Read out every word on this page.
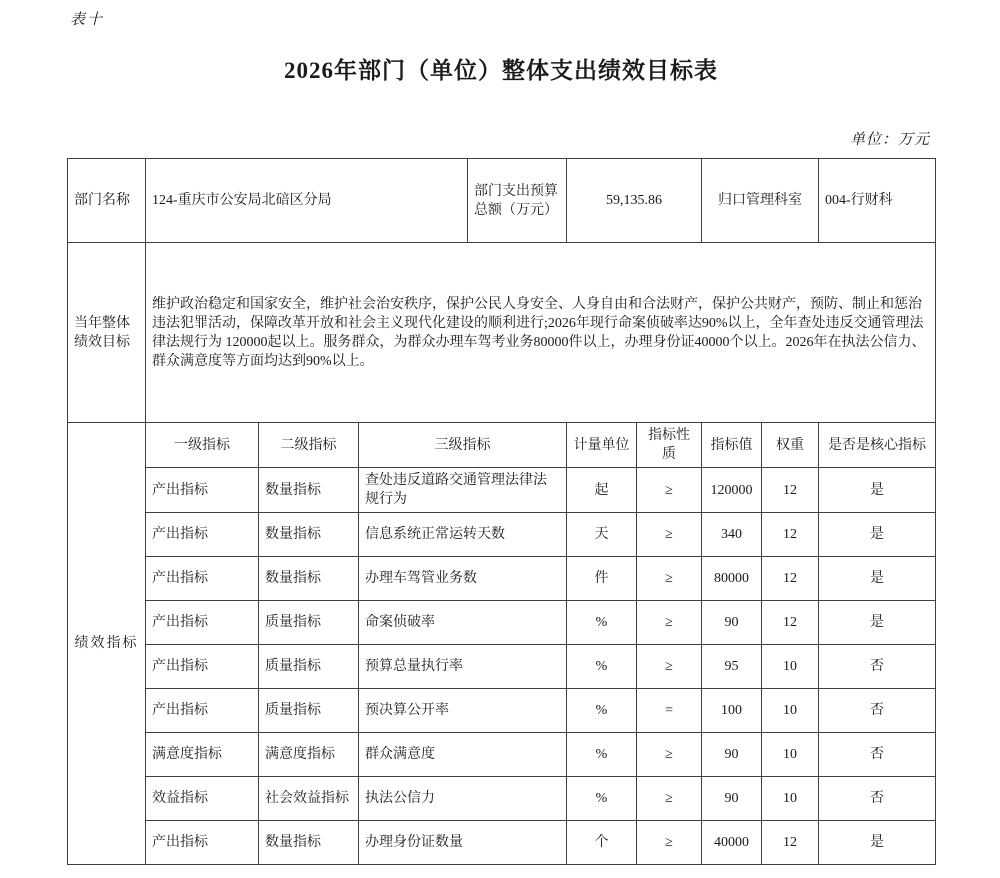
表十
2026年部门（单位）整体支出绩效目标表
单位：万元
部门名称	124-重庆市公安局北碚区分局			部门支出预算总额（万元）	59,135.86		归口管理科室		004-行财科
当年整体绩效目标	维护政治稳定和国家安全，维护社会治安秩序，保护公民人身安全、人身自由和合法财产，保护公共财产，预防、制止和惩治违法犯罪活动，保障改革开放和社会主义现代化建设的顺利进行;2026年现行命案侦破率达90%以上，全年查处违反交通管理法律法规行为 120000起以上。服务群众，为群众办理车驾考业务80000件以上，办理身份证40000个以上。2026年在执法公信力、群众满意度等方面均达到90%以上。								
绩效指标	一级指标	二级指标	三级指标		计量单位	指标性质	指标值	权重	是否是核心指标
	产出指标	数量指标	查处违反道路交通管理法律法规行为		起	≥	120000	12	是
	产出指标	数量指标	信息系统正常运转天数		天	≥	340	12	是
	产出指标	数量指标	办理车驾管业务数		件	≥	80000	12	是
	产出指标	质量指标	命案侦破率		%	≥	90	12	是
	产出指标	质量指标	预算总量执行率		%	≥	95	10	否
	产出指标	质量指标	预决算公开率		%	=	100	10	否
	满意度指标	满意度指标	群众满意度		%	≥	90	10	否
	效益指标	社会效益指标	执法公信力		%	≥	90	10	否
	产出指标	数量指标	办理身份证数量		个	≥	40000	12	是
